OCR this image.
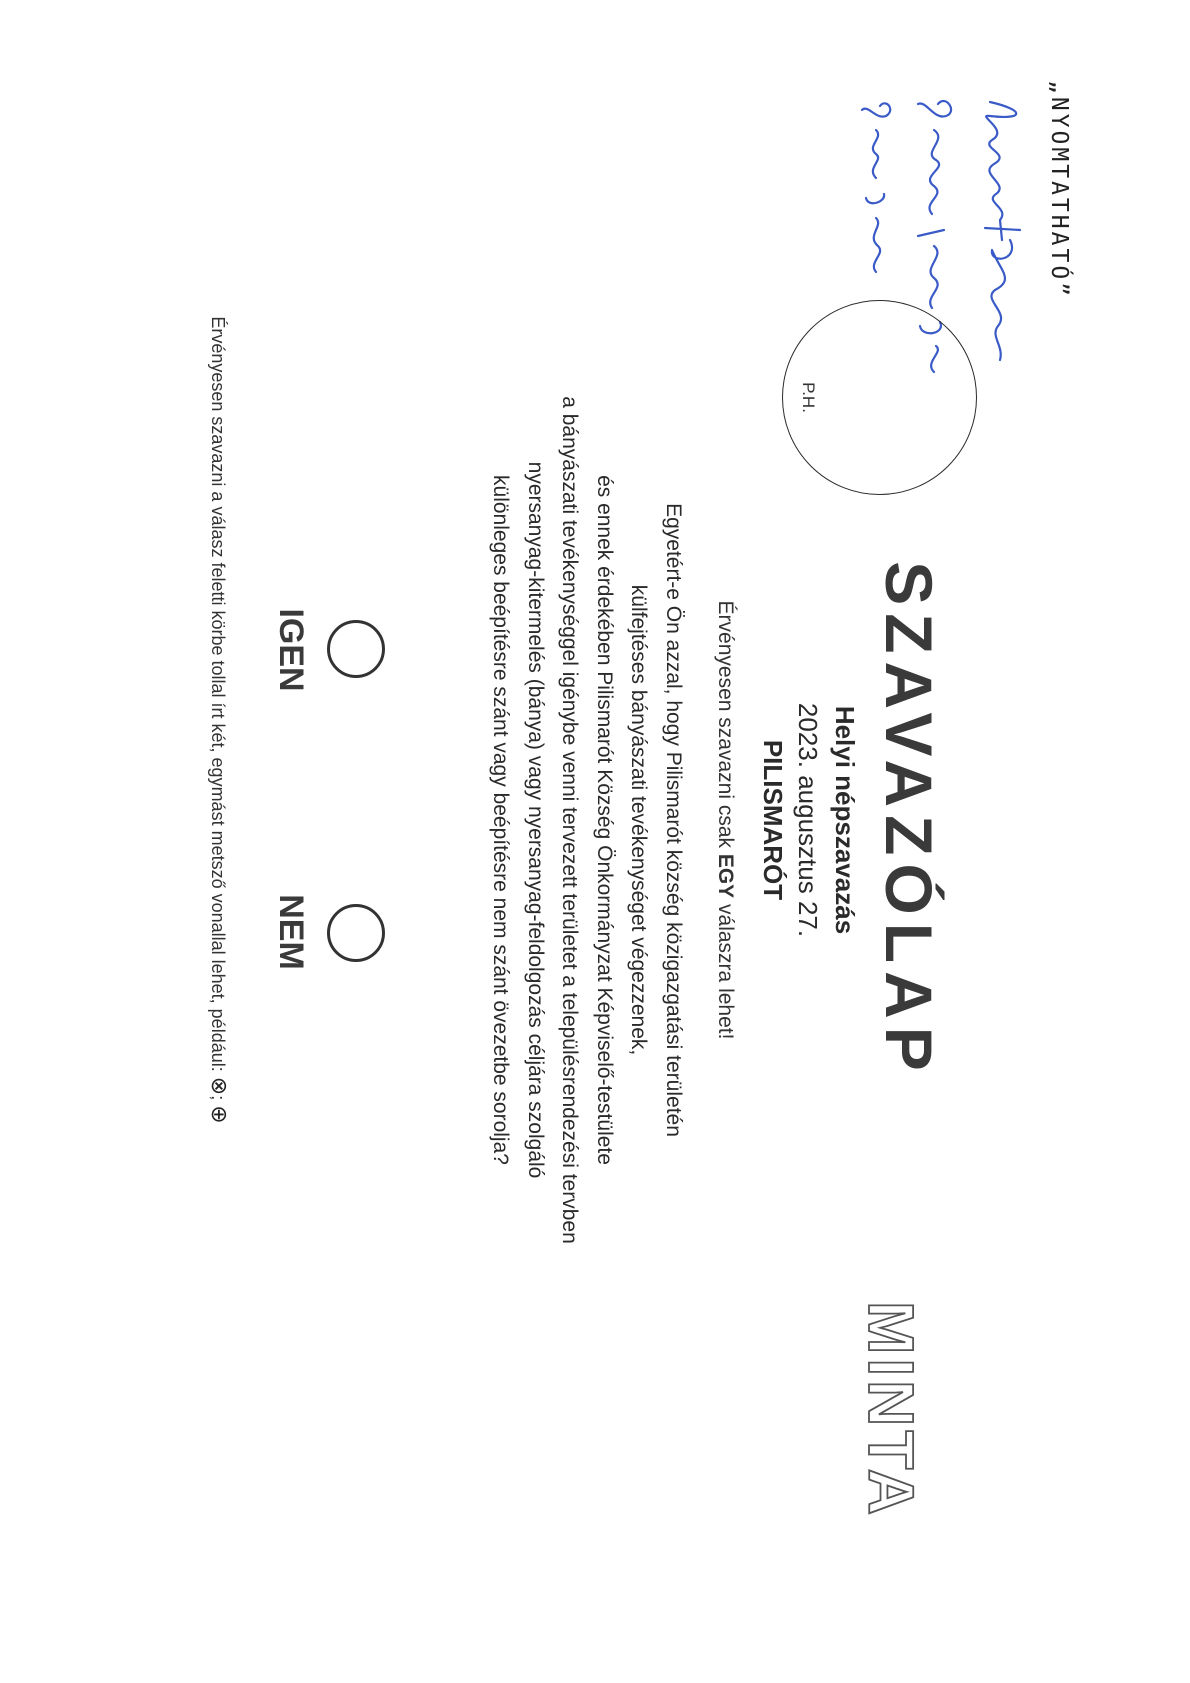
„NYOMTATHATÓ”
P.H.
SZAVAZÓLAP
Helyi népszavazás
2023. augusztus 27.
PILISMARÓT
Érvényesen szavazni csak EGY válaszra lehet!
MINTA

Egyetért-e Ön azzal, hogy Pilismarót község közigazgatási területén

külfejtéses bányászati tevékenységet végezzenek,

és ennek érdekében Pilismarót Község Önkormányzat Képviselő-testülete

a bányászati tevékenységgel igénybe venni tervezett területet a településrendezési tervben

nyersanyag-kitermelés (bánya) vagy nyersanyag-feldolgozás céljára szolgáló

különleges beépítésre szánt vagy beépítésre nem szánt övezetbe sorolja?

IGEN
NEM
Érvényesen szavazni a válasz feletti körbe tollal írt két, egymást metsző vonallal lehet, például: ⊗; ⊕
